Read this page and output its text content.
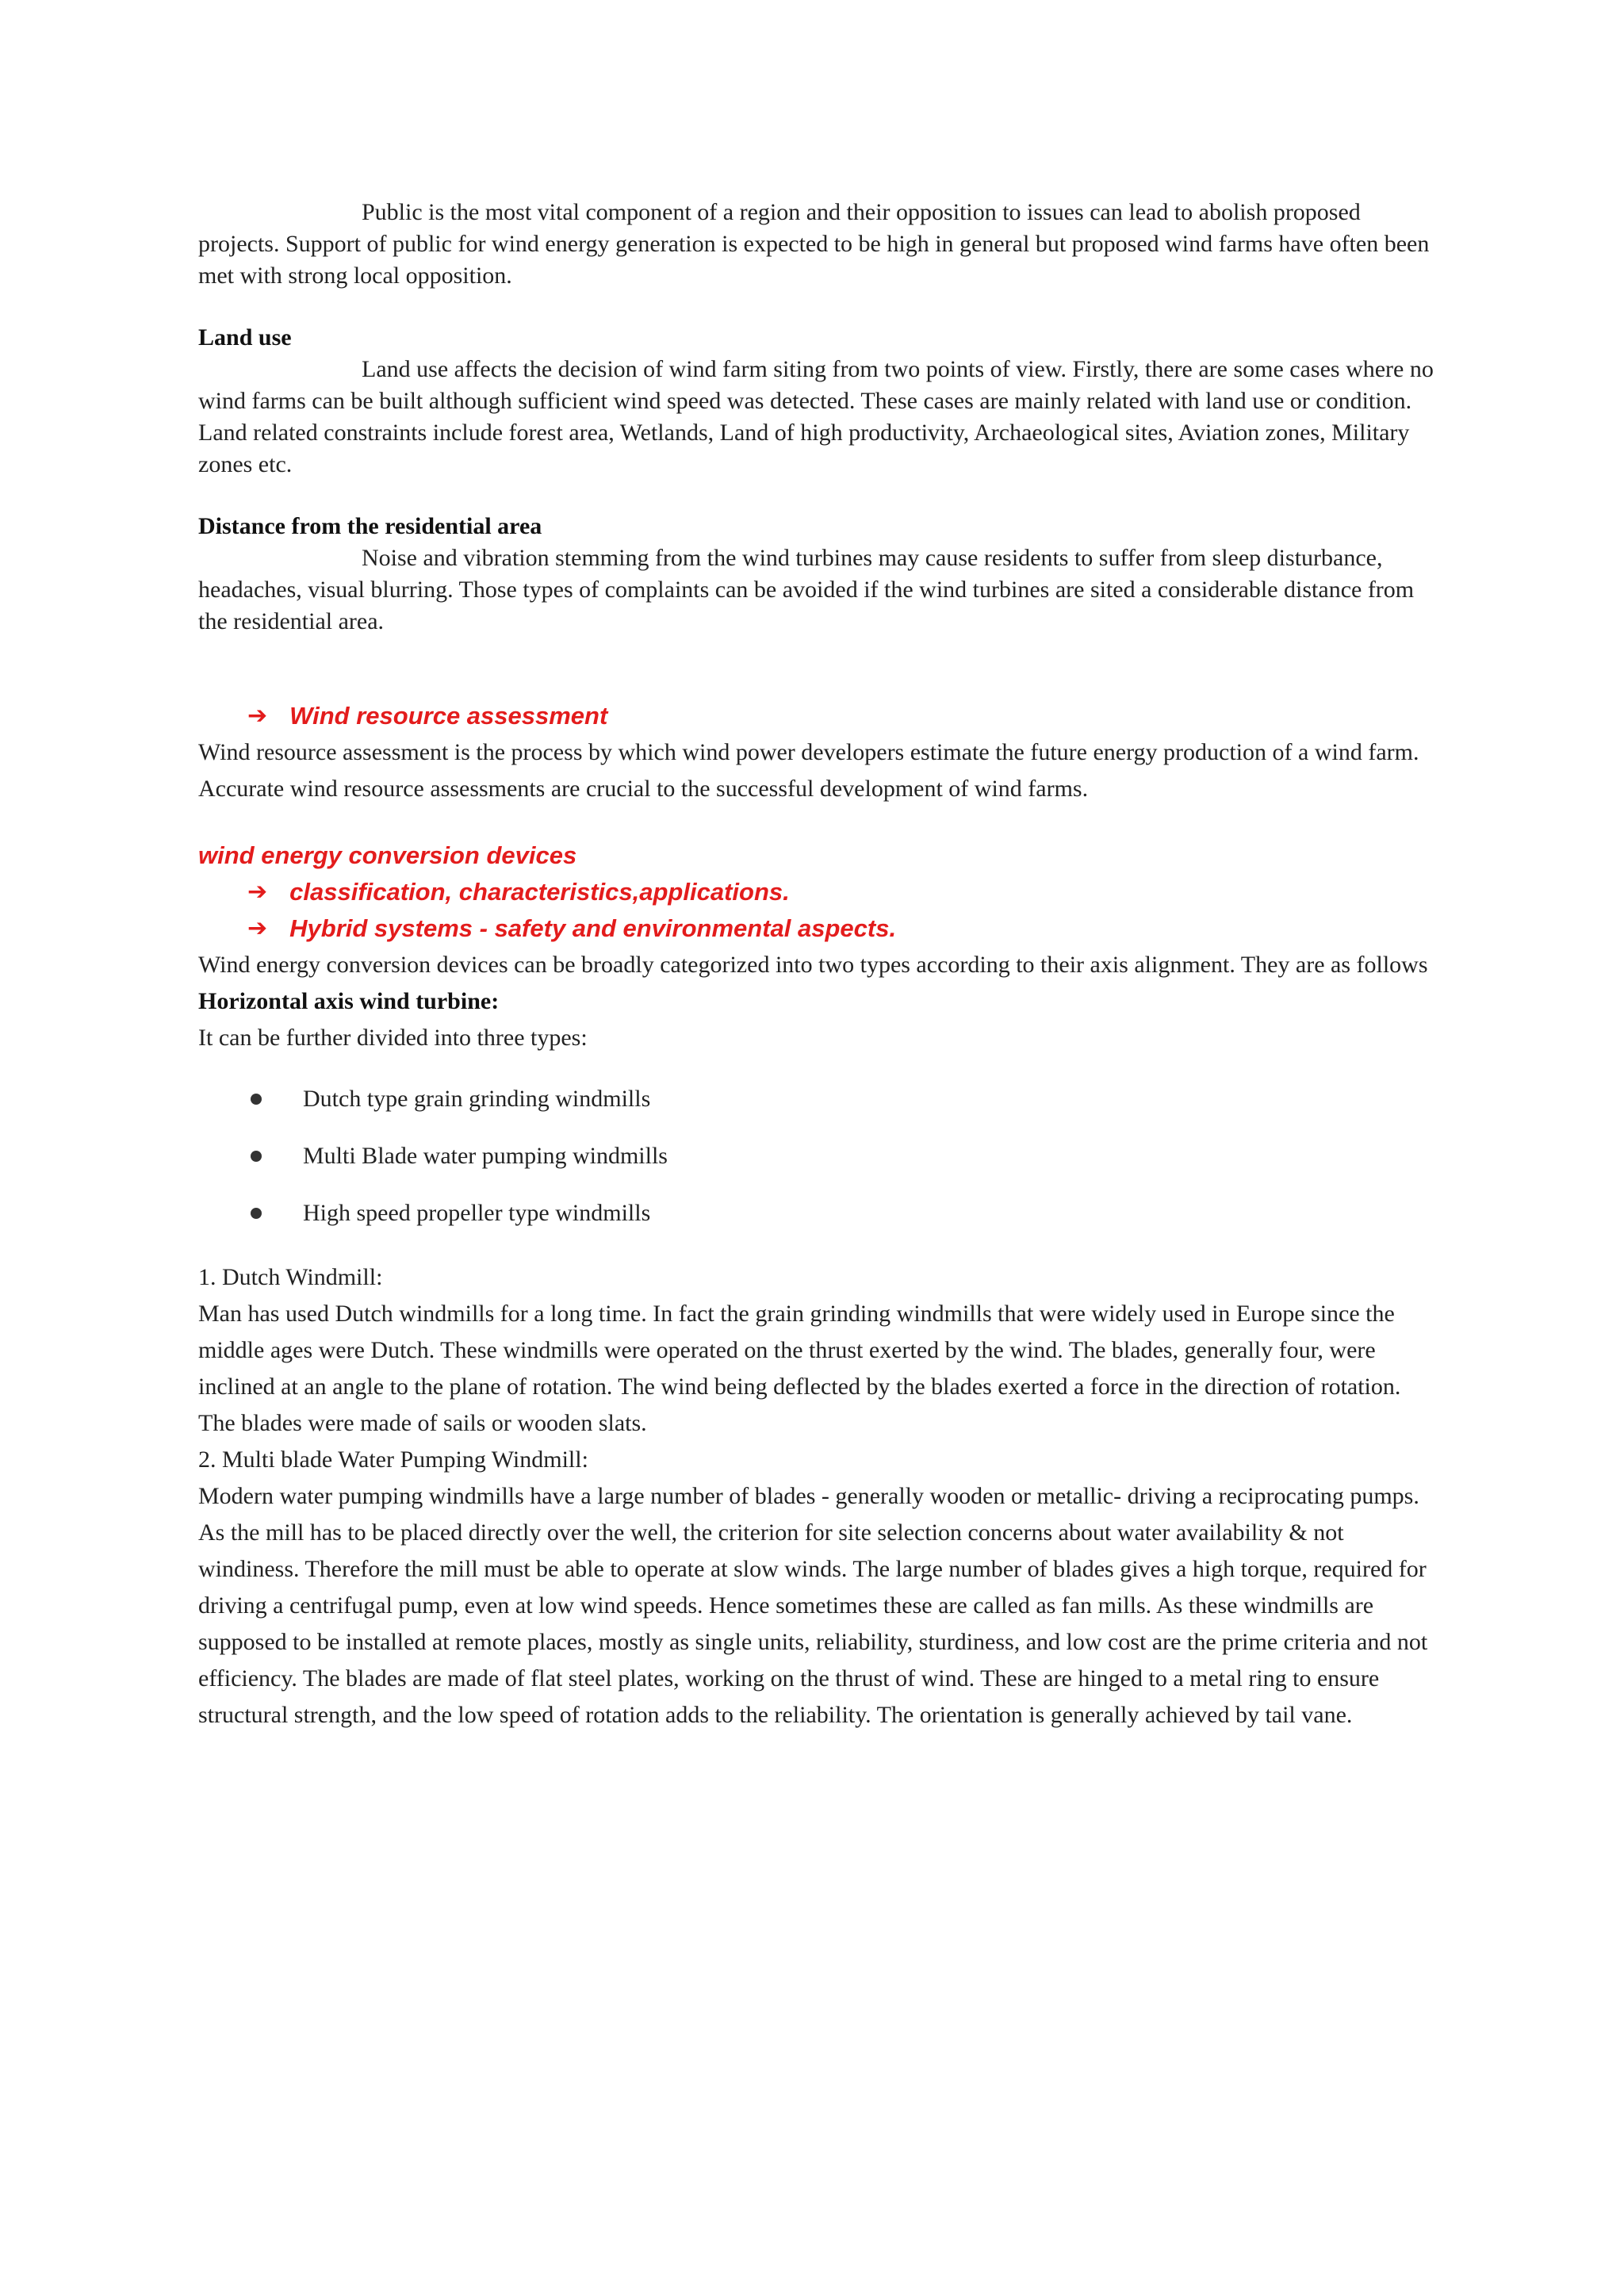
Public is the most vital component of a region and their opposition to issues can lead to abolish proposed projects. Support of public for wind energy generation is expected to be high in general but proposed wind farms have often been met with strong local opposition.

Land use

Land use affects the decision of wind farm siting from two points of view. Firstly, there are some cases where no wind farms can be built although sufficient wind speed was detected. These cases are mainly related with land use or condition. Land related constraints include forest area, Wetlands, Land of high productivity, Archaeological sites, Aviation zones, Military zones etc.

Distance from the residential area

Noise and vibration stemming from the wind turbines may cause residents to suffer from sleep disturbance, headaches, visual blurring. Those types of complaints can be avoided if the wind turbines are sited a considerable distance from the residential area.

➔ Wind resource assessment

Wind resource assessment is the process by which wind power developers estimate the future energy production of a wind farm. Accurate wind resource assessments are crucial to the successful development of wind farms.

wind energy conversion devices

➔ classification, characteristics,applications.
➔ Hybrid systems - safety and environmental aspects.

Wind energy conversion devices can be broadly categorized into two types according to their axis alignment. They are as follows

Horizontal axis wind turbine:

It can be further divided into three types:

Dutch type grain grinding windmills
Multi Blade water pumping windmills
High speed propeller type windmills

1. Dutch Windmill:

Man has used Dutch windmills for a long time. In fact the grain grinding windmills that were widely used in Europe since the middle ages were Dutch. These windmills were operated on the thrust exerted by the wind. The blades, generally four, were inclined at an angle to the plane of rotation. The wind being deflected by the blades exerted a force in the direction of rotation. The blades were made of sails or wooden slats.

2. Multi blade Water Pumping Windmill:

Modern water pumping windmills have a large number of blades - generally wooden or metallic- driving a reciprocating pumps. As the mill has to be placed directly over the well, the criterion for site selection concerns about water availability & not windiness. Therefore the mill must be able to operate at slow winds. The large number of blades gives a high torque, required for driving a centrifugal pump, even at low wind speeds. Hence sometimes these are called as fan mills. As these windmills are supposed to be installed at remote places, mostly as single units, reliability, sturdiness, and low cost are the prime criteria and not efficiency. The blades are made of flat steel plates, working on the thrust of wind. These are hinged to a metal ring to ensure structural strength, and the low speed of rotation adds to the reliability. The orientation is generally achieved by tail vane.
